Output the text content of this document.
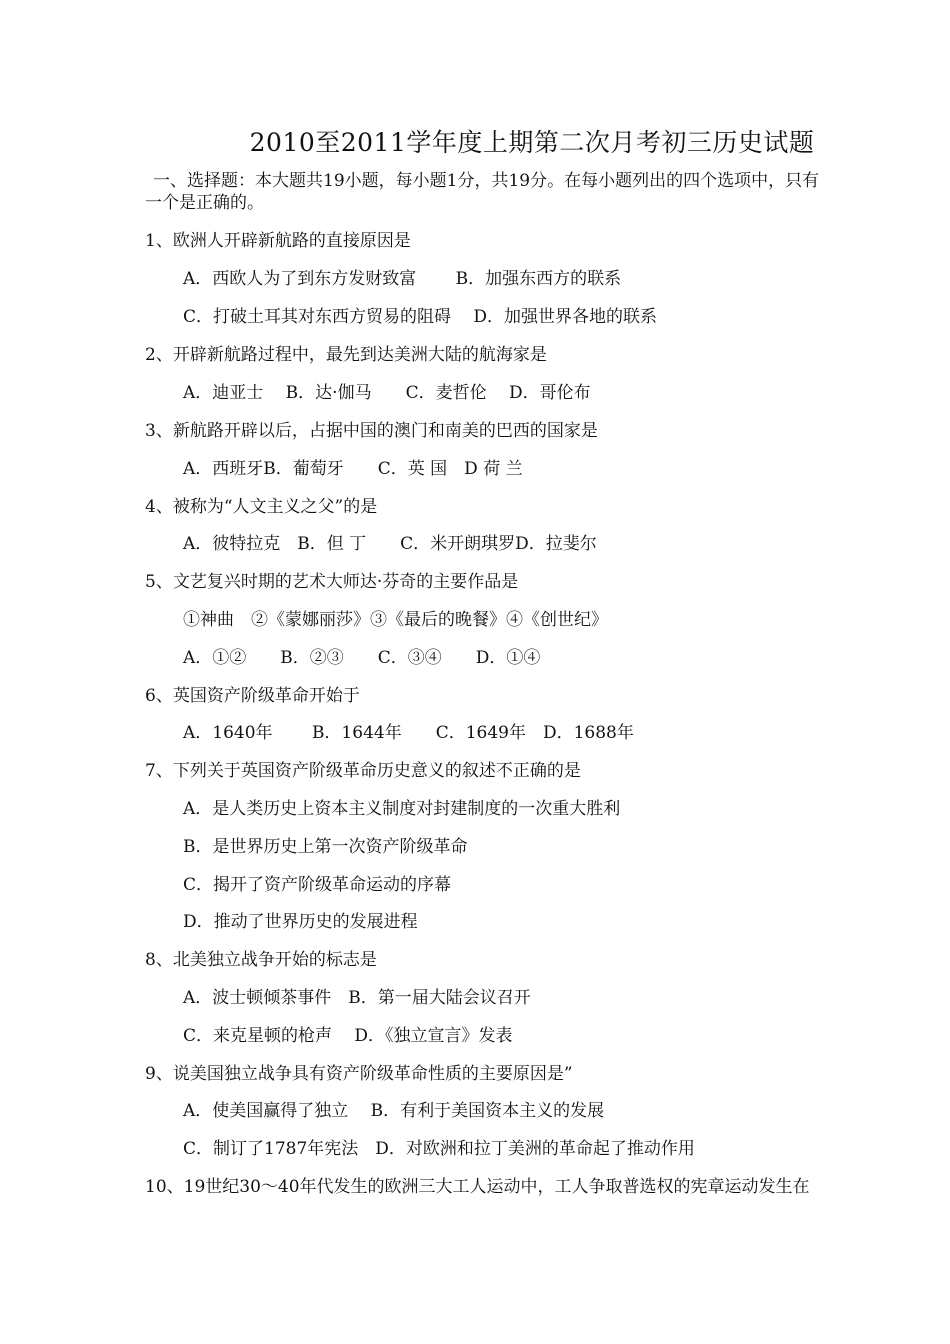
2010至2011学年度上期第二次月考初三历史试题
一、选择题：本大题共19小题，每小题1分，共19分。在每小题列出的四个选项中，只有一个是正确的。
1、欧洲人开辟新航路的直接原因是
A．西欧人为了到东方发财致富　　 B．加强东西方的联系
C．打破土耳其对东西方贸易的阻碍　 D．加强世界各地的联系
2、开辟新航路过程中，最先到达美洲大陆的航海家是
A．迪亚士　 B．达·伽马　　C．麦哲伦　 D．哥伦布
3、新航路开辟以后，占据中国的澳门和南美的巴西的国家是
A．西班牙B．葡萄牙　　C．英 国　D 荷 兰
4、被称为“人文主义之父”的是
A．彼特拉克　B．但 丁　　C．米开朗琪罗D．拉斐尔
5、文艺复兴时期的艺术大师达·芬奇的主要作品是
①神曲　②《蒙娜丽莎》③《最后的晚餐》④《创世纪》
A．①②　　B．②③　　C．③④　　D．①④
6、英国资产阶级革命开始于
A．1640年　　 B．1644年　　C．1649年　D．1688年
7、下列关于英国资产阶级革命历史意义的叙述不正确的是
A．是人类历史上资本主义制度对封建制度的一次重大胜利
B．是世界历史上第一次资产阶级革命
C．揭开了资产阶级革命运动的序幕
D．推动了世界历史的发展进程
8、北美独立战争开始的标志是
A．波士顿倾茶事件　B．第一届大陆会议召开
C．来克星顿的枪声　 D．《独立宣言》发表
9、说美国独立战争具有资产阶级革命性质的主要原因是”
A．使美国赢得了独立　 B．有利于美国资本主义的发展
C．制订了1787年宪法　D．对欧洲和拉丁美洲的革命起了推动作用
10、19世纪30～40年代发生的欧洲三大工人运动中，工人争取普选权的宪章运动发生在
